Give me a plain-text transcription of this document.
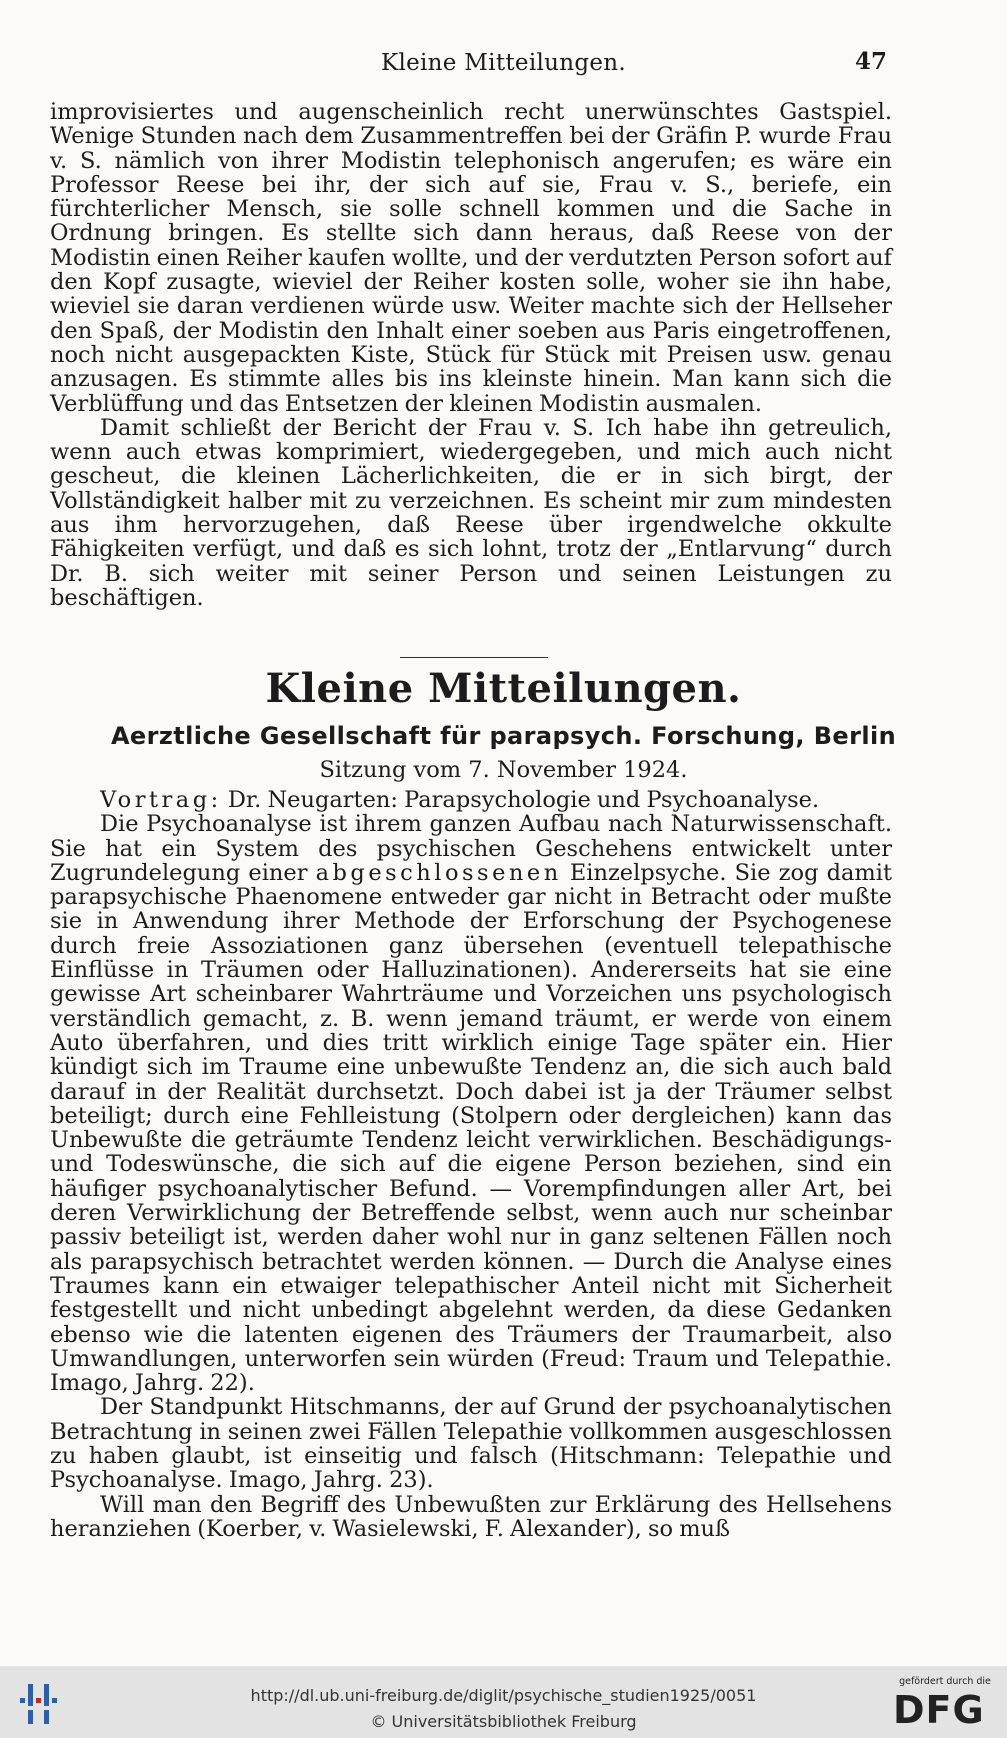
Kleine Mitteilungen.	47

improvisiertes und augenscheinlich recht unerwünschtes Gastspiel. Wenige Stunden nach dem Zusammentreffen bei der Gräfin P. wurde Frau v. S. nämlich von ihrer Modistin telephonisch angerufen; es wäre ein Professor Reese bei ihr, der sich auf sie, Frau v. S., beriefe, ein fürchterlicher Mensch, sie solle schnell kommen und die Sache in Ordnung bringen. Es stellte sich dann heraus, daß Reese von der Modistin einen Reiher kaufen wollte, und der verdutzten Person sofort auf den Kopf zusagte, wieviel der Reiher kosten solle, woher sie ihn habe, wieviel sie daran verdienen würde usw. Weiter machte sich der Hellseher den Spaß, der Modistin den Inhalt einer soeben aus Paris eingetroffenen, noch nicht ausgepackten Kiste, Stück für Stück mit Preisen usw. genau anzusagen. Es stimmte alles bis ins kleinste hinein. Man kann sich die Verblüffung und das Entsetzen der kleinen Modistin ausmalen.

Damit schließt der Bericht der Frau v. S. Ich habe ihn getreulich, wenn auch etwas komprimiert, wiedergegeben, und mich auch nicht gescheut, die kleinen Lächerlichkeiten, die er in sich birgt, der Vollständigkeit halber mit zu verzeichnen. Es scheint mir zum mindesten aus ihm hervorzugehen, daß Reese über irgendwelche okkulte Fähigkeiten verfügt, und daß es sich lohnt, trotz der „Entlarvung“ durch Dr. B. sich weiter mit seiner Person und seinen Leistungen zu beschäftigen.

Kleine Mitteilungen.
Aerztliche Gesellschaft für parapsych. Forschung, Berlin
Sitzung vom 7. November 1924.

Vortrag: Dr. Neugarten: Parapsychologie und Psychoanalyse.

Die Psychoanalyse ist ihrem ganzen Aufbau nach Naturwissenschaft. Sie hat ein System des psychischen Geschehens entwickelt unter Zugrundelegung einer abgeschlossenen Einzelpsyche. Sie zog damit parapsychische Phaenomene entweder gar nicht in Betracht oder mußte sie in Anwendung ihrer Methode der Erforschung der Psychogenese durch freie Assoziationen ganz übersehen (eventuell telepathische Einflüsse in Träumen oder Halluzinationen). Andererseits hat sie eine gewisse Art scheinbarer Wahrträume und Vorzeichen uns psychologisch verständlich gemacht, z. B. wenn jemand träumt, er werde von einem Auto überfahren, und dies tritt wirklich einige Tage später ein. Hier kündigt sich im Traume eine unbewußte Tendenz an, die sich auch bald darauf in der Realität durchsetzt. Doch dabei ist ja der Träumer selbst beteiligt; durch eine Fehlleistung (Stolpern oder dergleichen) kann das Unbewußte die geträumte Tendenz leicht verwirklichen. Beschädigungs- und Todeswünsche, die sich auf die eigene Person beziehen, sind ein häufiger psychoanalytischer Befund. — Vorempfindungen aller Art, bei deren Verwirklichung der Betreffende selbst, wenn auch nur scheinbar passiv beteiligt ist, werden daher wohl nur in ganz seltenen Fällen noch als parapsychisch betrachtet werden können. — Durch die Analyse eines Traumes kann ein etwaiger telepathischer Anteil nicht mit Sicherheit festgestellt und nicht unbedingt abgelehnt werden, da diese Gedanken ebenso wie die latenten eigenen des Träumers der Traumarbeit, also Umwandlungen, unterworfen sein würden (Freud: Traum und Telepathie. Imago, Jahrg. 22).

Der Standpunkt Hitschmanns, der auf Grund der psychoanalytischen Betrachtung in seinen zwei Fällen Telepathie vollkommen ausgeschlossen zu haben glaubt, ist einseitig und falsch (Hitschmann: Telepathie und Psychoanalyse. Imago, Jahrg. 23).

Will man den Begriff des Unbewußten zur Erklärung des Hellsehens heranziehen (Koerber, v. Wasielewski, F. Alexander), so muß

http://dl.ub.uni-freiburg.de/diglit/psychische_studien1925/0051
© Universitätsbibliothek Freiburg
gefördert durch die
DFG
